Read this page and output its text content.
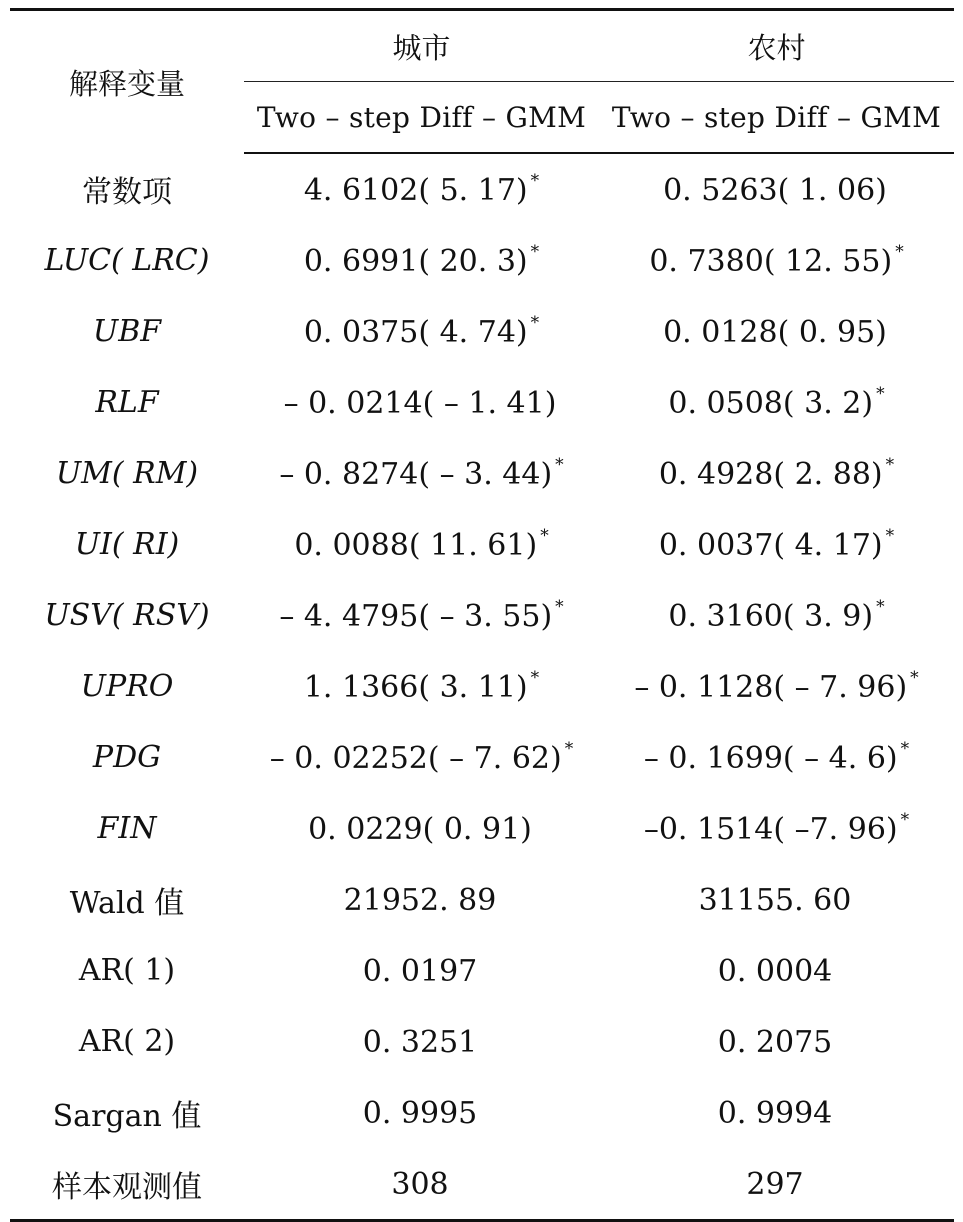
解释变量	城市	农村
	Two – step Diff – GMM	Two – step Diff – GMM
常数项	4. 6102( 5. 17) *	0. 5263( 1. 06)
LUC( LRC)	0. 6991( 20. 3) *	0. 7380( 12. 55) *
UBF	0. 0375( 4. 74) *	0. 0128( 0. 95)
RLF	– 0. 0214( – 1. 41)	0. 0508( 3. 2) *
UM( RM)	– 0. 8274( – 3. 44) *	0. 4928( 2. 88) *
UI( RI)	0. 0088( 11. 61) *	0. 0037( 4. 17) *
USV( RSV)	– 4. 4795( – 3. 55) *	0. 3160( 3. 9) *
UPRO	1. 1366( 3. 11) *	– 0. 1128( – 7. 96) *
PDG	– 0. 02252( – 7. 62) *	– 0. 1699( – 4. 6) *
FIN	0. 0229( 0. 91)	–0. 1514( –7. 96) *
Wald 值	21952. 89	31155. 60
AR( 1)	0. 0197	0. 0004
AR( 2)	0. 3251	0. 2075
Sargan 值	0. 9995	0. 9994
样本观测值	308	297
